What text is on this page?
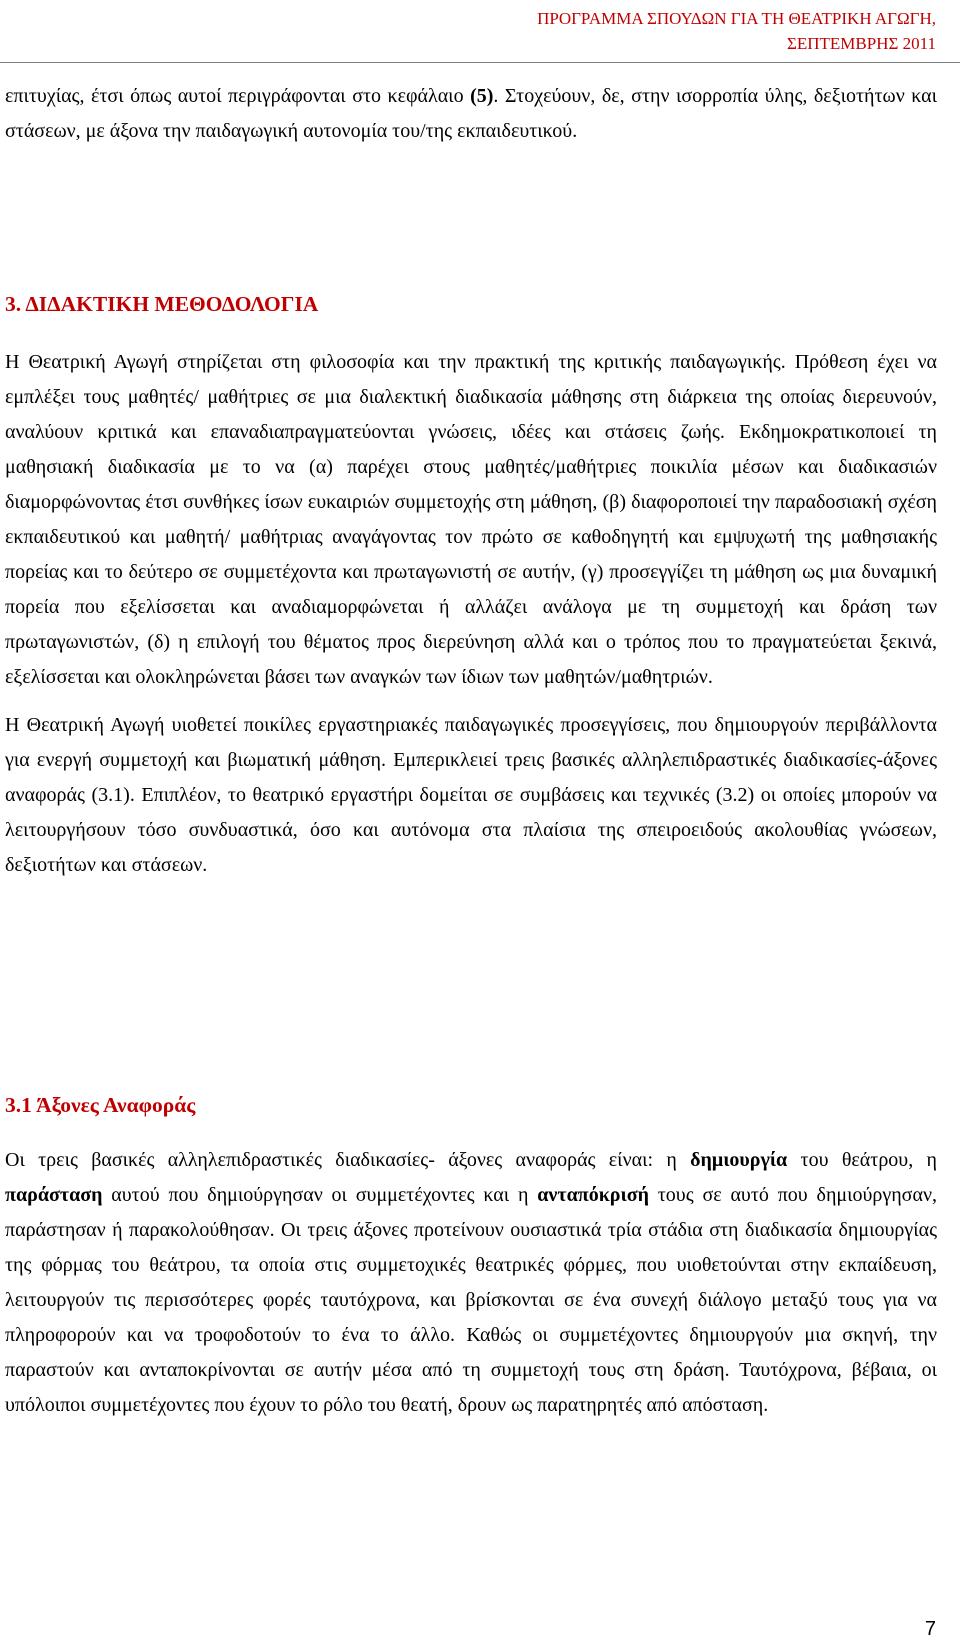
ΠΡΟΓΡΑΜΜΑ ΣΠΟΥΔΩΝ ΓΙΑ ΤΗ ΘΕΑΤΡΙΚΗ ΑΓΩΓΗ,
ΣΕΠΤΕΜΒΡΗΣ 2011

επιτυχίας, έτσι όπως αυτοί περιγράφονται στο κεφάλαιο (5). Στοχεύουν, δε, στην ισορροπία ύλης, δεξιοτήτων και στάσεων, με άξονα την παιδαγωγική αυτονομία του/της εκπαιδευτικού.

3. ΔΙΔΑΚΤΙΚΗ ΜΕΘΟΔΟΛΟΓΙΑ

Η Θεατρική Αγωγή στηρίζεται στη φιλοσοφία και την πρακτική της κριτικής παιδαγωγικής. Πρόθεση έχει να εμπλέξει τους μαθητές/ μαθήτριες σε μια διαλεκτική διαδικασία μάθησης στη διάρκεια της οποίας διερευνούν, αναλύουν κριτικά και επαναδιαπραγματεύονται γνώσεις, ιδέες και στάσεις ζωής. Εκδημοκρατικοποιεί τη μαθησιακή διαδικασία με το να (α) παρέχει στους μαθητές/μαθήτριες ποικιλία μέσων και διαδικασιών διαμορφώνοντας έτσι συνθήκες ίσων ευκαιριών συμμετοχής στη μάθηση, (β) διαφοροποιεί την παραδοσιακή σχέση εκπαιδευτικού και μαθητή/ μαθήτριας αναγάγοντας τον πρώτο σε καθοδηγητή και εμψυχωτή της μαθησιακής πορείας και το δεύτερο σε συμμετέχοντα και πρωταγωνιστή σε αυτήν, (γ) προσεγγίζει τη μάθηση ως μια δυναμική πορεία που εξελίσσεται και αναδιαμορφώνεται ή αλλάζει ανάλογα με τη συμμετοχή και δράση των πρωταγωνιστών, (δ) η επιλογή του θέματος προς διερεύνηση αλλά και ο τρόπος που το πραγματεύεται ξεκινά, εξελίσσεται και ολοκληρώνεται βάσει των αναγκών των ίδιων των μαθητών/μαθητριών.

Η Θεατρική Αγωγή υιοθετεί ποικίλες εργαστηριακές παιδαγωγικές προσεγγίσεις, που δημιουργούν περιβάλλοντα για ενεργή συμμετοχή και βιωματική μάθηση. Εμπερικλειεί τρεις βασικές αλληλεπιδραστικές διαδικασίες-άξονες αναφοράς (3.1). Επιπλέον, το θεατρικό εργαστήρι δομείται σε συμβάσεις και τεχνικές (3.2) οι οποίες μπορούν να λειτουργήσουν τόσο συνδυαστικά, όσο και αυτόνομα στα πλαίσια της σπειροειδούς ακολουθίας γνώσεων, δεξιοτήτων και στάσεων.

3.1 Άξονες Αναφοράς

Οι τρεις βασικές αλληλεπιδραστικές διαδικασίες- άξονες αναφοράς είναι: η δημιουργία του θεάτρου, η παράσταση αυτού που δημιούργησαν οι συμμετέχοντες και η ανταπόκρισή τους σε αυτό που δημιούργησαν, παράστησαν ή παρακολούθησαν. Οι τρεις άξονες προτείνουν ουσιαστικά τρία στάδια στη διαδικασία δημιουργίας της φόρμας του θεάτρου, τα οποία στις συμμετοχικές θεατρικές φόρμες, που υιοθετούνται στην εκπαίδευση, λειτουργούν τις περισσότερες φορές ταυτόχρονα, και βρίσκονται σε ένα συνεχή διάλογο μεταξύ τους για να πληροφορούν και να τροφοδοτούν το ένα το άλλο. Καθώς οι συμμετέχοντες δημιουργούν μια σκηνή, την παραστούν και ανταποκρίνονται σε αυτήν μέσα από τη συμμετοχή τους στη δράση. Ταυτόχρονα, βέβαια, οι υπόλοιποι συμμετέχοντες που έχουν το ρόλο του θεατή, δρουν ως παρατηρητές από απόσταση.

7
